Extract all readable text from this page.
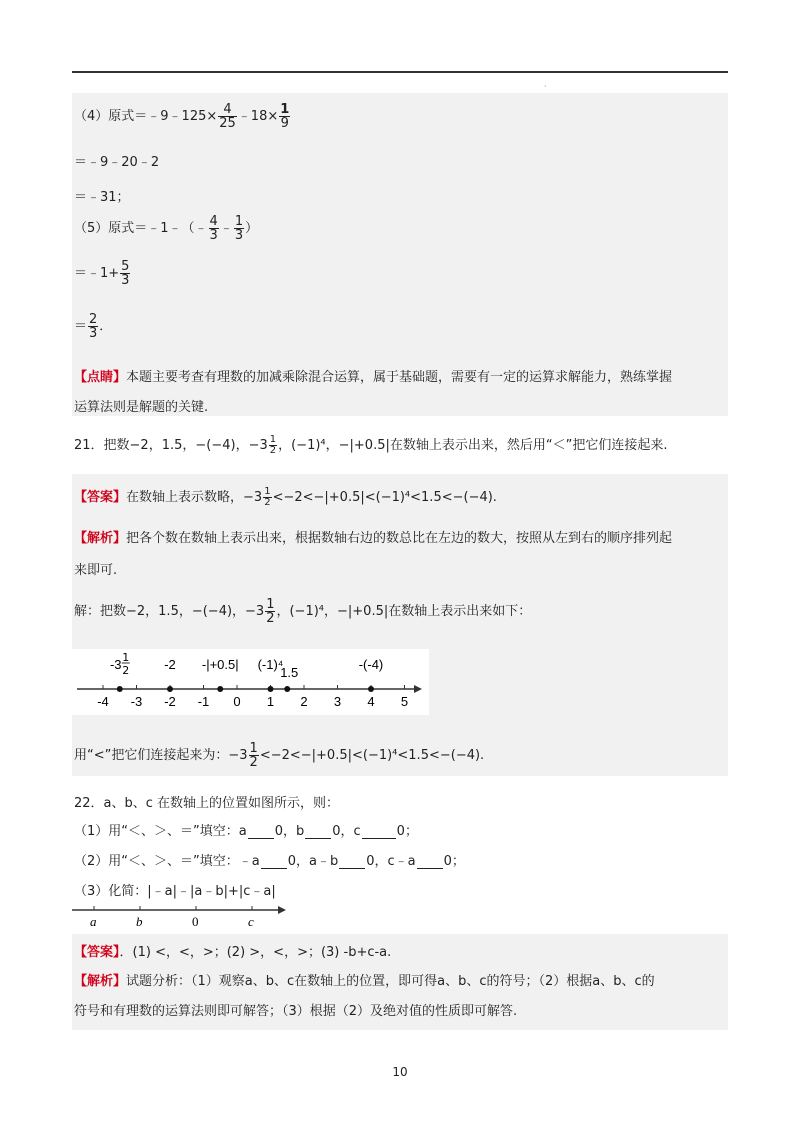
·
（4）原式＝﹣9﹣125× $\frac{4}{25}$ ﹣18× $\frac{1}{9}$
＝﹣9﹣20﹣2
＝﹣31；
（5）原式＝﹣1﹣（﹣ $\frac{4}{3}$ ﹣ $\frac{1}{3}$ ）
＝﹣1+ $\frac{5}{3}$
＝ $\frac{2}{3}$ ．
【点睛】本题主要考查有理数的加减乘除混合运算，属于基础题，需要有一定的运算求解能力，熟练掌握
运算法则是解题的关键.
21．把数−2，1.5，−(−4)，$-3 \frac{1}{2}$ ，(−1)⁴，−|+0.5|在数轴上表示出来，然后用“＜”把它们连接起来.
【答案】在数轴上表示数略，$-3 \frac{1}{2} <-2<-|+0.5|<(-1)^4<1.5<-(-4)$.
【解析】把各个数在数轴上表示出来，根据数轴右边的数总比在左边的数大，按照从左到右的顺序排列起
来即可.
解：把数−2，1.5，−(−4)，$-3 \frac{1}{2}$ ，(−1)⁴，−|+0.5|在数轴上表示出来如下：
-4 -3 -2 -1 0 1 2 3 4 5
-3 1
2	-2 -|+0.5| (-1)⁴
1.5
-(-4)
用“<”把它们连接起来为：$-3 \frac{1}{2} <-2<-|+0.5|<(-1)^4<1.5<-(-4)$.
22．a、b、c 在数轴上的位置如图所示，则：
（1）用“＜、＞、＝”填空：a 0，b 0，c	0；
（2）用“＜、＞、＝”填空：﹣a 0，a﹣b 0，c﹣a 0；
（3）化简：|﹣a|﹣|a﹣b|+|c﹣a|
a	b	0	c
【答案】．(1) <，<，>；(2) >，<，>；(3) -b+c-a.
【解析】试题分析：（1）观察a、b、c在数轴上的位置，即可得a、b、c的符号；（2）根据a、b、c的
符号和有理数的运算法则即可解答；（3）根据（2）及绝对值的性质即可解答.
10
